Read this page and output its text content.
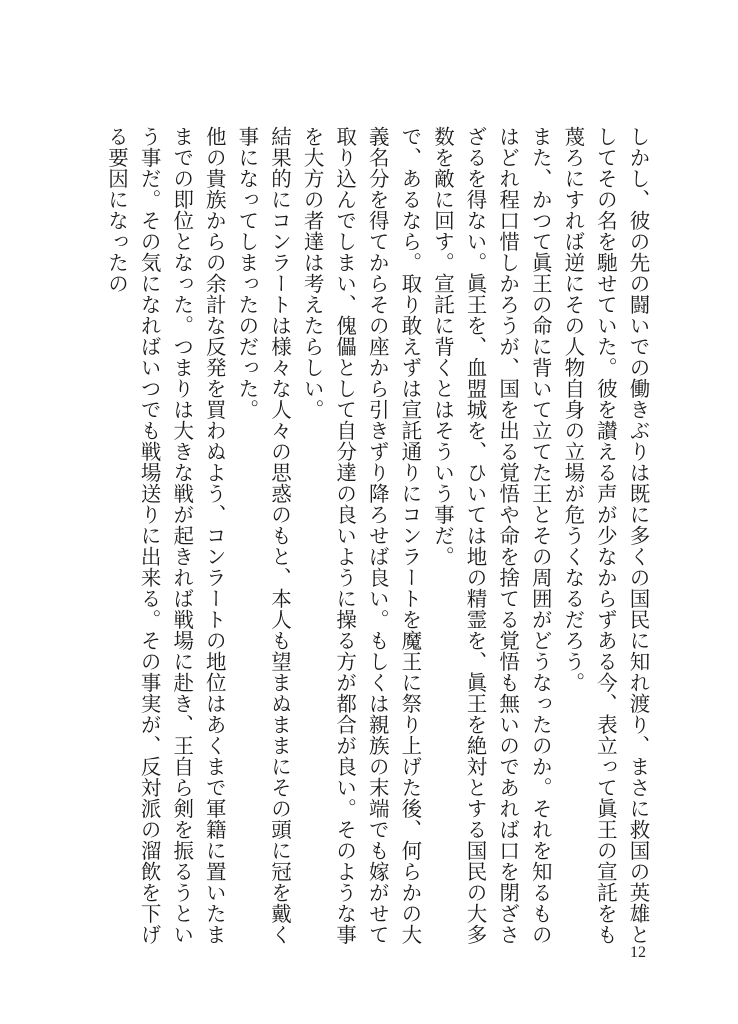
しかし、彼の先の闘いでの働きぶりは既に多くの国民に知れ渡り、まさに救国の英雄としてその名を馳せていた。彼を讃える声が少なからずある今、表立って眞王の宣託をも蔑ろにすれば逆にその人物自身の立場が危うくなるだろう。

また、かつて眞王の命に背いて立てた王とその周囲がどうなったのか。それを知るものはどれ程口惜しかろうが、国を出る覚悟や命を捨てる覚悟も無いのであれば口を閉ざさざるを得ない。眞王を、血盟城を、ひいては地の精霊を、眞王を絶対とする国民の大多数を敵に回す。宣託に背くとはそういう事だ。

で、あるなら。取り敢えずは宣託通りにコンラートを魔王に祭り上げた後、何らかの大義名分を得てからその座から引きずり降ろせば良い。もしくは親族の末端でも嫁がせて取り込んでしまい、傀儡として自分達の良いように操る方が都合が良い。そのような事を大方の者達は考えたらしい。

結果的にコンラートは様々な人々の思惑のもと、本人も望まぬままにその頭に冠を戴く事になってしまったのだった。

他の貴族からの余計な反発を買わぬよう、コンラートの地位はあくまで軍籍に置いたままでの即位となった。つまりは大きな戦が起きれば戦場に赴き、王自ら剣を振るうという事だ。その気になればいつでも戦場送りに出来る。その事実が、反対派の溜飲を下げる要因になったの

12
